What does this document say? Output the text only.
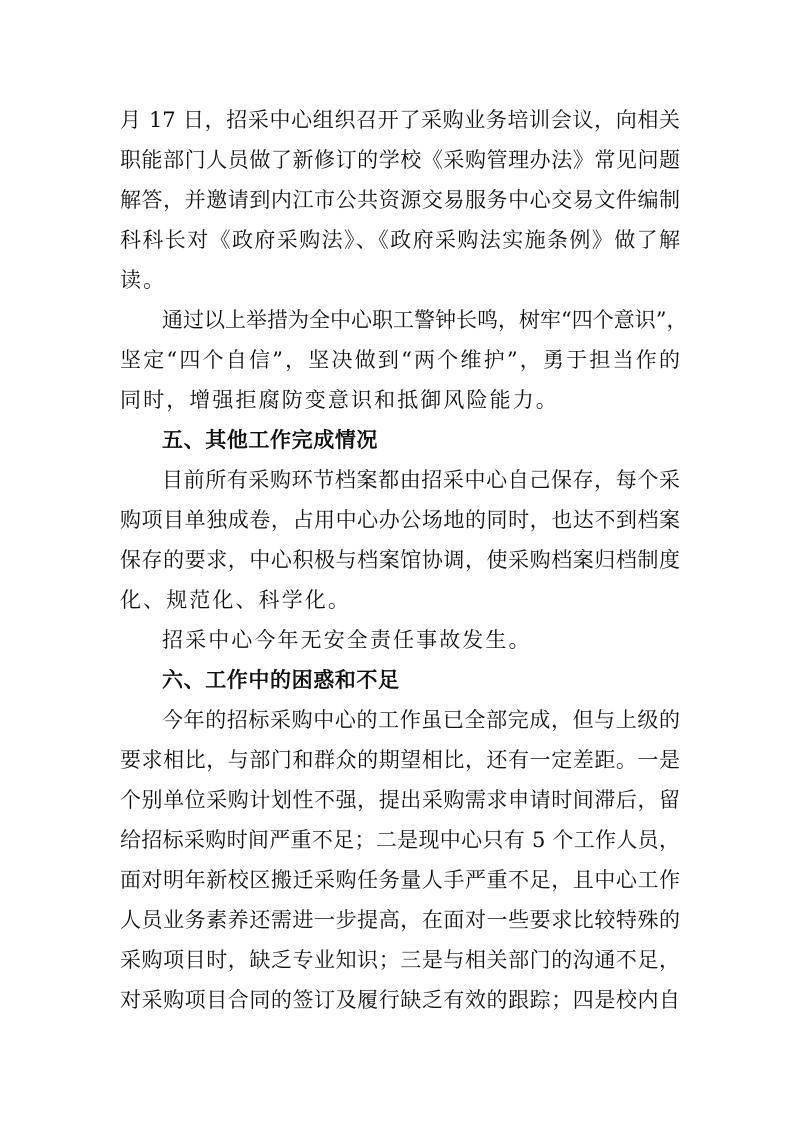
月 17 日，招采中心组织召开了采购业务培训会议，向相关
职能部门人员做了新修订的学校《采购管理办法》常见问题
解答，并邀请到内江市公共资源交易服务中心交易文件编制
科科长对《政府采购法》、《政府采购法实施条例》做了解
读。
通过以上举措为全中心职工警钟长鸣，树牢“四个意识”，
坚定“四个自信”，坚决做到“两个维护”，勇于担当作的
同时，增强拒腐防变意识和抵御风险能力。
五、其他工作完成情况
目前所有采购环节档案都由招采中心自己保存，每个采
购项目单独成卷，占用中心办公场地的同时，也达不到档案
保存的要求，中心积极与档案馆协调，使采购档案归档制度
化、规范化、科学化。
招采中心今年无安全责任事故发生。
六、工作中的困惑和不足
今年的招标采购中心的工作虽已全部完成，但与上级的
要求相比，与部门和群众的期望相比，还有一定差距。一是
个别单位采购计划性不强，提出采购需求申请时间滞后，留
给招标采购时间严重不足；二是现中心只有 5 个工作人员，
面对明年新校区搬迁采购任务量人手严重不足，且中心工作
人员业务素养还需进一步提高，在面对一些要求比较特殊的
采购项目时，缺乏专业知识；三是与相关部门的沟通不足，
对采购项目合同的签订及履行缺乏有效的跟踪；四是校内自
